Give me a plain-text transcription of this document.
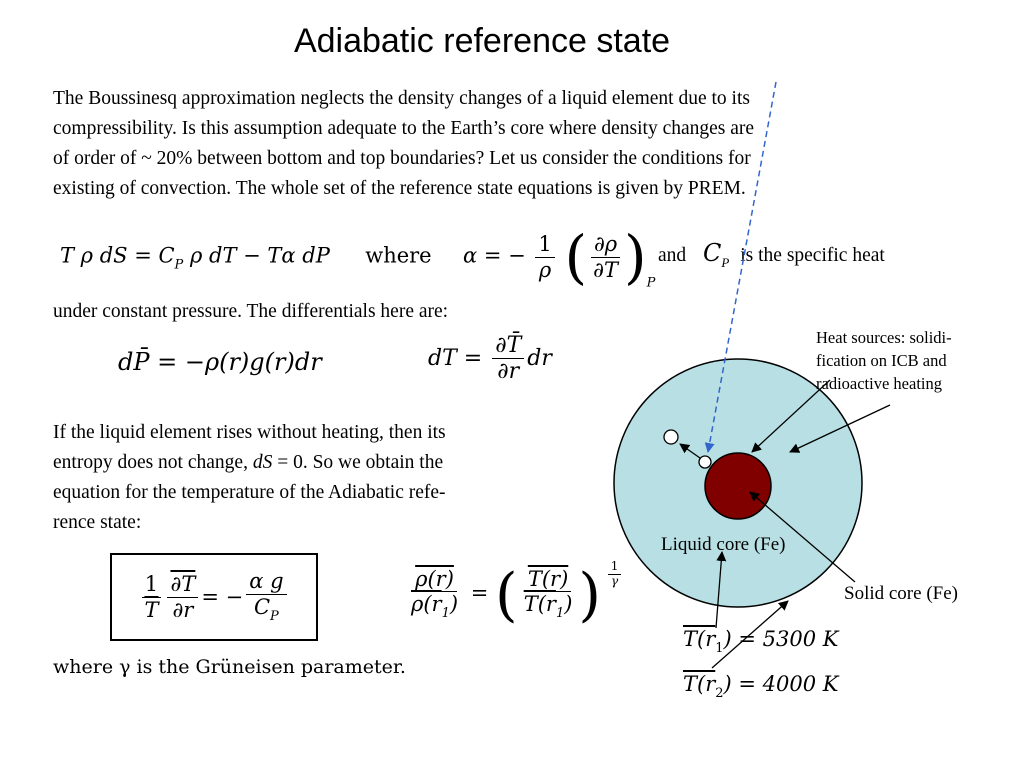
Adiabatic reference state
The Boussinesq approximation neglects the density changes of a liquid element due to its
compressibility. Is this assumption adequate to the Earth’s core where density changes are
of order of ~ 20% between bottom and top boundaries? Let us consider the conditions for
existing of convection. The whole set of the reference state equations is given by PREM.
T ρ dS = $C_P$ ρ dT − Tα dP where α = − $\frac{1}{\rho}$ ( $\frac{\partial\rho}{\partial T} )_P$
and $C_P$ is the specific heat
under constant pressure. The differentials here are:
dP̄ = −ρ(r)g(r)dr	dT = $\frac{\partial T̄}{\partial r}$ dr
If the liquid element rises without heating, then its
entropy does not change, dS = 0. So we obtain the
equation for the temperature of the Adiabatic refe-
rence state:
$\frac{1}{T} \frac{\partial T}{\partial r}$ = − $\frac{\text{α g}}{C_P}$	$\frac{\rho(r)}{\rho(r_1)}$ = ( $\frac{T(r)}{T(r_1)}$ ) $\frac{1}{\gamma}$
where γ is the Grüneisen parameter.
Heat sources: solidi-
fication on ICB and
radioactive heating
Liquid core (Fe)
Solid core (Fe)
$T(r_1) = 5300$ K
$T(r_2) = 4000$ K
